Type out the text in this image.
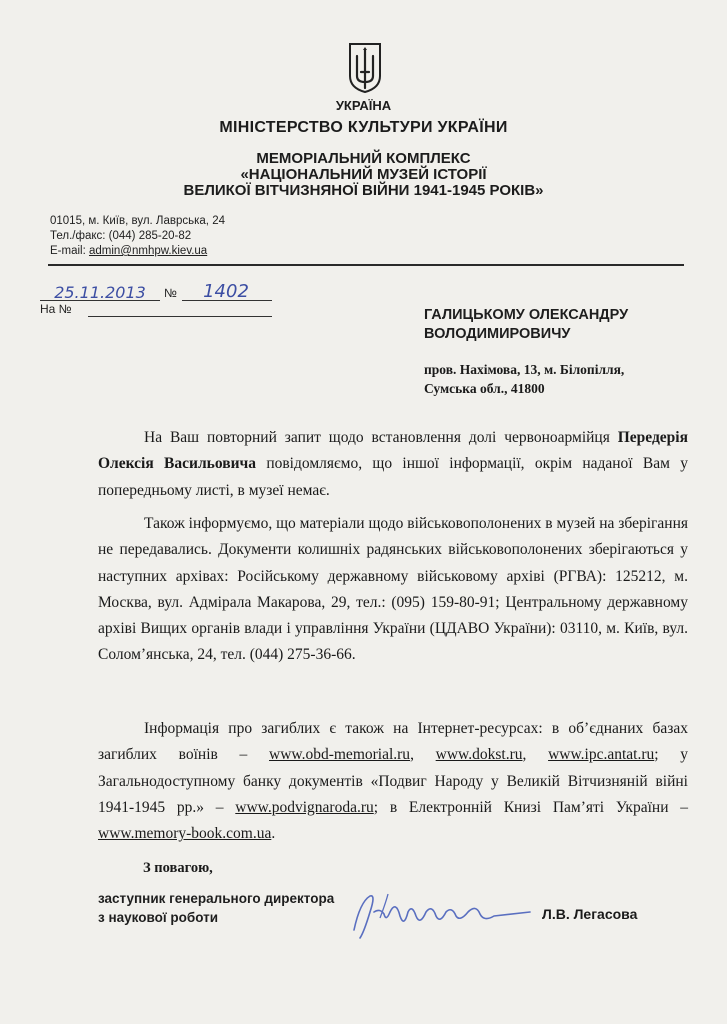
УКРАЇНА
МІНІСТЕРСТВО КУЛЬТУРИ УКРАЇНИ
МЕМОРІАЛЬНИЙ КОМПЛЕКС
«НАЦІОНАЛЬНИЙ МУЗЕЙ ІСТОРІЇ
ВЕЛИКОЇ ВІТЧИЗНЯНОЇ ВІЙНИ 1941-1945 РОКІВ»
01015, м. Київ, вул. Лаврська, 24
Тел./факс: (044) 285-20-82
E-mail: admin@nmhpw.kiev.ua
25.11.2013	№	1402
На №	ГАЛИЦЬКОМУ ОЛЕКСАНДРУ
ВОЛОДИМИРОВИЧУ
пров. Нахімова, 13, м. Білопілля,
Сумська обл., 41800
На Ваш повторний запит щодо встановлення долі червоноармійця Передерія Олексія Васильовича повідомляємо, що іншої інформації, окрім наданої Вам у попередньому листі, в музеї немає.
Також інформуємо, що матеріали щодо військовополонених в музей на зберігання не передавались. Документи колишніх радянських військовополонених зберігаються у наступних архівах: Російському державному військовому архіві (РГВА): 125212, м. Москва, вул. Адмірала Макарова, 29, тел.: (095) 159-80-91; Центральному державному архіві Вищих органів влади і управління України (ЦДАВО України): 03110, м. Київ, вул. Солом’янська, 24, тел. (044) 275-36-66.
Інформація про загиблих є також на Інтернет-ресурсах: в об’єднаних базах загиблих воїнів – www.obd-memorial.ru, www.dokst.ru, www.ipc.antat.ru; у Загальнодоступному банку документів «Подвиг Народу у Великій Вітчизняній війні 1941-1945 рр.» – www.podvignaroda.ru; в Електронній Книзі Пам’яті України – www.memory-book.com.ua.
З повагою,
заступник генерального директора
з наукової роботи	Л.В. Легасова
